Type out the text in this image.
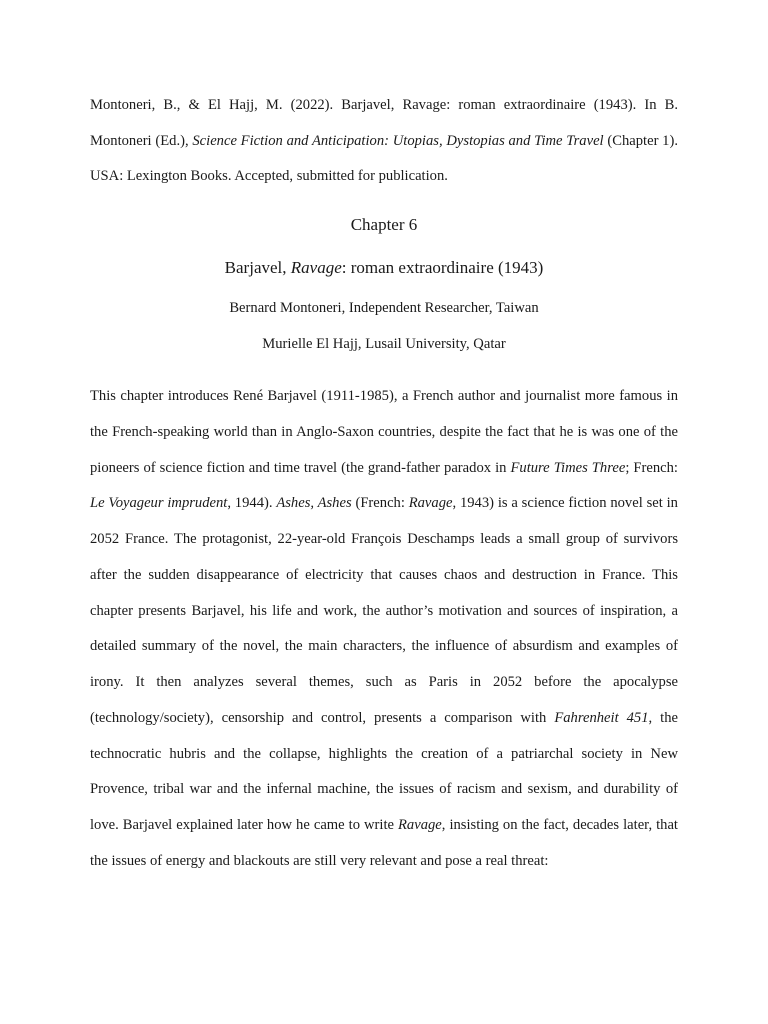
Montoneri, B., & El Hajj, M. (2022). Barjavel, Ravage: roman extraordinaire (1943). In B. Montoneri (Ed.), Science Fiction and Anticipation: Utopias, Dystopias and Time Travel (Chapter 1). USA: Lexington Books. Accepted, submitted for publication.

Chapter 6
Barjavel, Ravage: roman extraordinaire (1943)

Bernard Montoneri, Independent Researcher, Taiwan

Murielle El Hajj, Lusail University, Qatar

This chapter introduces René Barjavel (1911-1985), a French author and journalist more famous in the French-speaking world than in Anglo-Saxon countries, despite the fact that he is was one of the pioneers of science fiction and time travel (the grand-father paradox in Future Times Three; French: Le Voyageur imprudent, 1944). Ashes, Ashes (French: Ravage, 1943) is a science fiction novel set in 2052 France. The protagonist, 22-year-old François Deschamps leads a small group of survivors after the sudden disappearance of electricity that causes chaos and destruction in France. This chapter presents Barjavel, his life and work, the author’s motivation and sources of inspiration, a detailed summary of the novel, the main characters, the influence of absurdism and examples of irony. It then analyzes several themes, such as Paris in 2052 before the apocalypse (technology/society), censorship and control, presents a comparison with Fahrenheit 451, the technocratic hubris and the collapse, highlights the creation of a patriarchal society in New Provence, tribal war and the infernal machine, the issues of racism and sexism, and durability of love. Barjavel explained later how he came to write Ravage, insisting on the fact, decades later, that the issues of energy and blackouts are still very relevant and pose a real threat:
